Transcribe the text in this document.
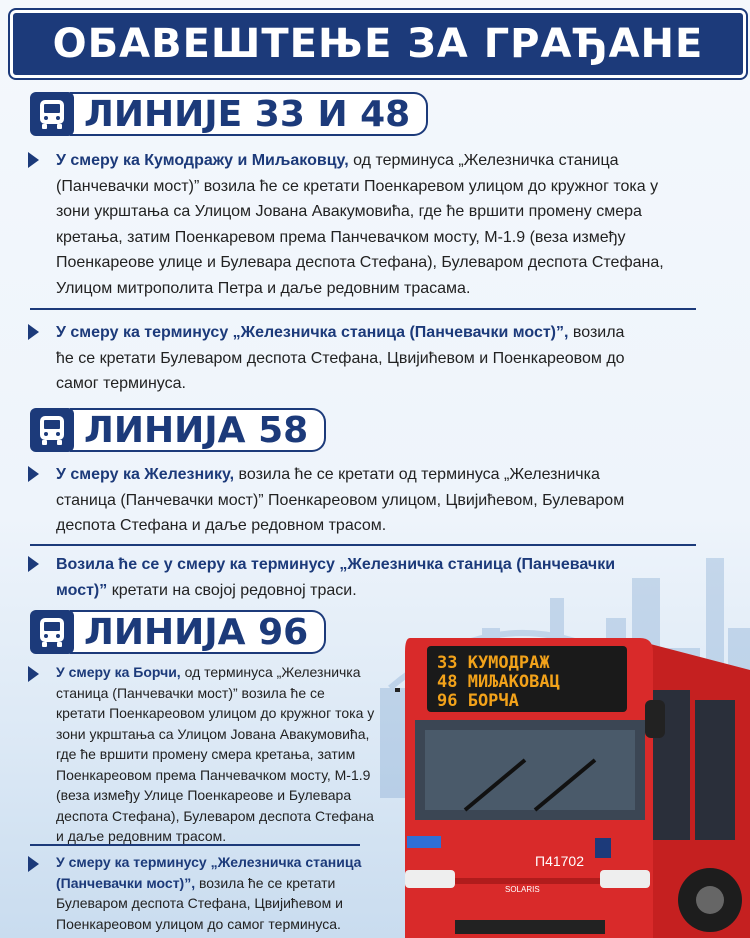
ОБАВЕШТЕЊЕ ЗА ГРАЂАНЕ
ЛИНИЈЕ 33 И 48
У смеру ка Кумодражу и Миљаковцу, од терминуса „Железничка станица (Панчевачки мост)” возила ће се кретати Поенкаревом улицом до кружног тока у зони укрштања са Улицом Јована Авакумовића, где ће вршити промену смера кретања, затим Поенкаревом према Панчевачком мосту, М-1.9 (веза између Поенкареове улице и Булевара деспота Стефана), Булеваром деспота Стефана, Улицом митрополита Петра и даље редовним трасама.
У смеру ка терминусу „Железничка станица (Панчевачки мост)”, возила ће се кретати Булеваром деспота Стефана, Цвијићевом и Поенкареовом до самог терминуса.
ЛИНИЈА 58
У смеру ка Железнику, возила ће се кретати од терминуса „Железничка станица (Панчевачки мост)” Поенкареовом улицом, Цвијићевом, Булеваром деспота Стефана и даље редовном трасом.
Возила ће се у смеру ка терминусу „Железничка станица (Панчевачки мост)” кретати на својој редовној траси.
ЛИНИЈА 96
У смеру ка Борчи, од терминуса „Железничка станица (Панчевачки мост)” возила ће се кретати Поенкареовом улицом до кружног тока у зони укрштања са Улицом Јована Авакумовића, где ће вршити промену смера кретања, затим Поенкареовом према Панчевачком мосту, М-1.9 (веза између Улице Поенкареове и Булевара деспота Стефана), Булеваром деспота Стефана и даље редовним трасом.
У смеру ка терминусу „Железничка станица (Панчевачки мост)”, возила ће се кретати Булеваром деспота Стефана, Цвијићевом и Поенкареовом улицом до самог терминуса.
33 КУМОДРАЖ
48 МИЉАКОВАЦ
96 БОРЧА
П41702
SOLARIS
